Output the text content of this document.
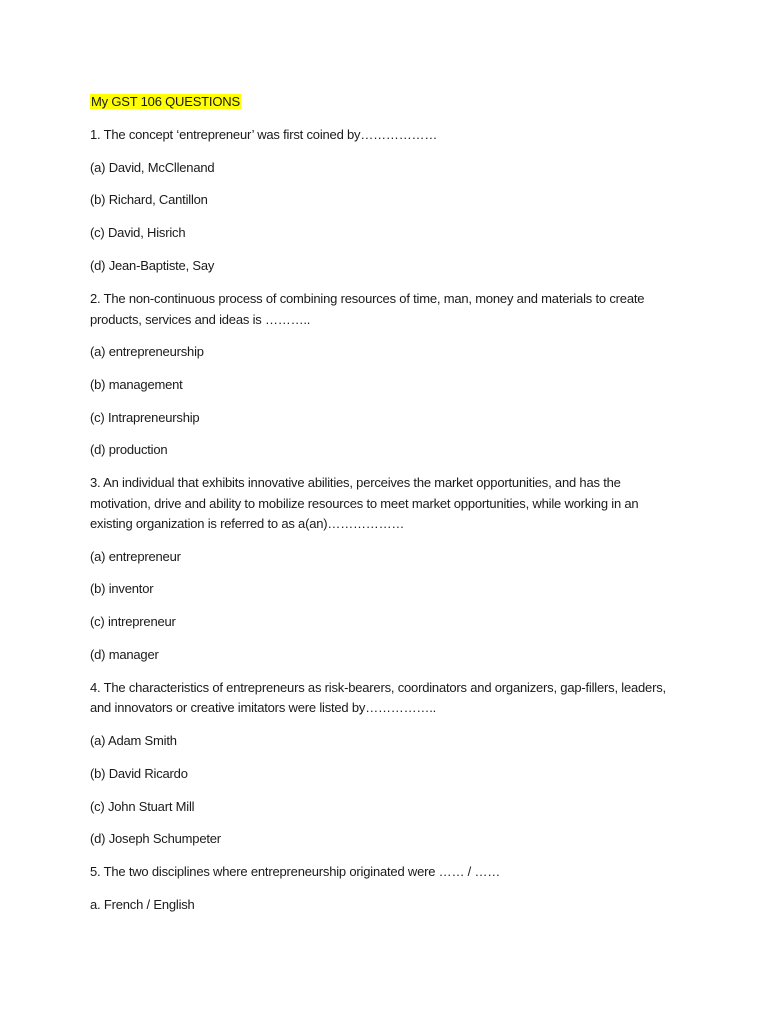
My GST 106 QUESTIONS
1. The concept ‘entrepreneur’ was first coined by………………
(a) David, McCllenand
(b) Richard, Cantillon
(c) David, Hisrich
(d) Jean-Baptiste, Say
2. The non-continuous process of combining resources of time, man, money and materials to create
products, services and ideas is ………..
(a) entrepreneurship
(b) management
(c) Intrapreneurship
(d) production
3. An individual that exhibits innovative abilities, perceives the market opportunities, and has the
motivation, drive and ability to mobilize resources to meet market opportunities, while working in an
existing organization is referred to as a(an)………………
(a) entrepreneur
(b) inventor
(c) intrepreneur
(d) manager
4. The characteristics of entrepreneurs as risk-bearers, coordinators and organizers, gap-fillers, leaders,
and innovators or creative imitators were listed by……………..
(a) Adam Smith
(b) David Ricardo
(c) John Stuart Mill
(d) Joseph Schumpeter
5. The two disciplines where entrepreneurship originated were …… / ……
a. French / English
